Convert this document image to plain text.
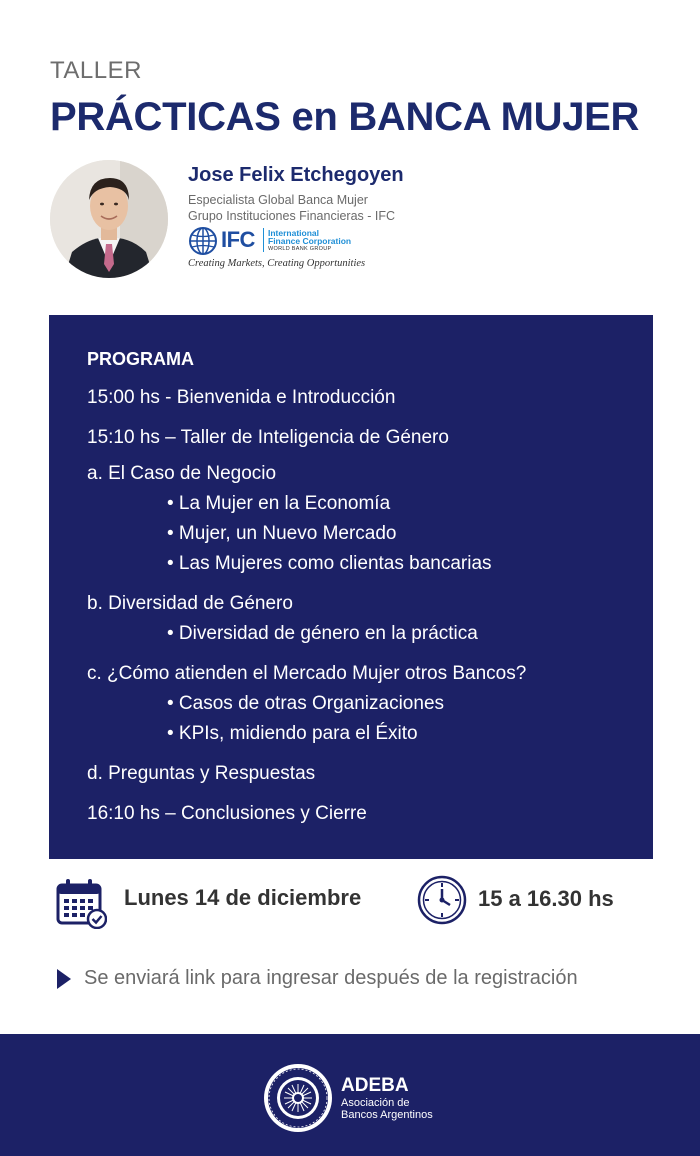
TALLER
PRÁCTICAS en BANCA MUJER
Jose Felix Etchegoyen
Especialista Global Banca Mujer
Grupo Instituciones Financieras - IFC
IFC International
Finance Corporation
WORLD BANK GROUP
Creating Markets, Creating Opportunities
PROGRAMA
15:00 hs - Bienvenida e Introducción
15:10 hs – Taller de Inteligencia de Género
a. El Caso de Negocio
• La Mujer en la Economía
• Mujer, un Nuevo Mercado
• Las Mujeres como clientas bancarias
b. Diversidad de Género
• Diversidad de género en la práctica
c. ¿Cómo atienden el Mercado Mujer otros Bancos?
• Casos de otras Organizaciones
• KPIs, midiendo para el Éxito
d. Preguntas y Respuestas
16:10 hs – Conclusiones y Cierre
Lunes 14 de diciembre	15 a 16.30 hs
Se enviará link para ingresar después de la registración
ADEBA
Asociación de
Bancos Argentinos
